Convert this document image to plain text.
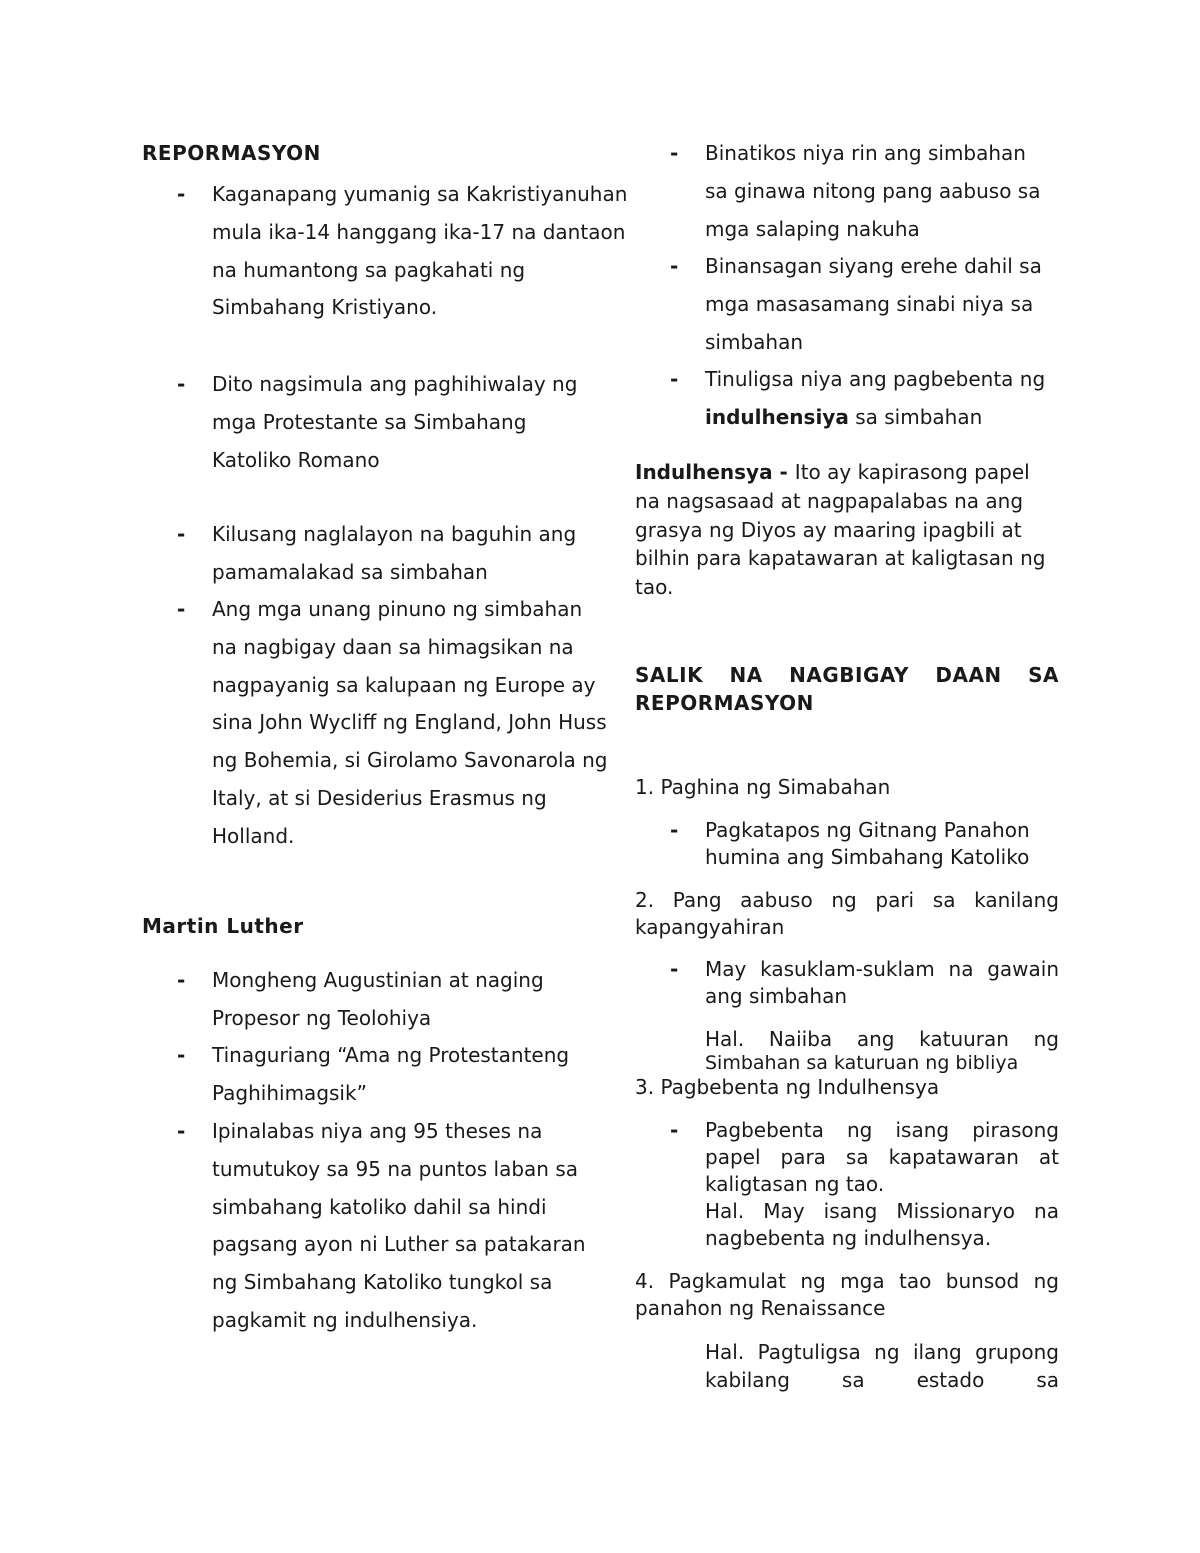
REPORMASYON
- Kaganapang yumanig sa Kakristiyanuhan mula ika-14 hanggang ika-17 na dantaon na humantong sa pagkahati ng Simbahang Kristiyano.
- Dito nagsimula ang paghihiwalay ng mga Protestante sa Simbahang Katoliko Romano
- Kilusang naglalayon na baguhin ang pamamalakad sa simbahan
- Ang mga unang pinuno ng simbahan na nagbigay daan sa himagsikan na nagpayanig sa kalupaan ng Europe ay sina John Wycliff ng England, John Huss ng Bohemia, si Girolamo Savonarola ng Italy, at si Desiderius Erasmus ng Holland.
Martin Luther
- Mongheng Augustinian at naging Propesor ng Teolohiya
- Tinaguriang “Ama ng Protestanteng Paghihimagsik”
- Ipinalabas niya ang 95 theses na tumutukoy sa 95 na puntos laban sa simbahang katoliko dahil sa hindi pagsang ayon ni Luther sa patakaran ng Simbahang Katoliko tungkol sa pagkamit ng indulhensiya.
- Binatikos niya rin ang simbahan sa ginawa nitong pang aabuso sa mga salaping nakuha
- Binansagan siyang erehe dahil sa mga masasamang sinabi niya sa simbahan
- Tinuligsa niya ang pagbebenta ng indulhensiya sa simbahan
Indulhensya - Ito ay kapirasong papel na nagsasaad at nagpapalabas na ang grasya ng Diyos ay maaring ipagbili at bilhin para kapatawaran at kaligtasan ng tao.
SALIK NA NAGBIGAY DAAN SA REPORMASYON
1. Paghina ng Simabahan
- Pagkatapos ng Gitnang Panahon humina ang Simbahang Katoliko
2. Pang aabuso ng pari sa kanilang kapangyahiran
- May kasuklam-suklam na gawain ang simbahan
Hal. Naiiba ang katuuran ng
Simbahan sa katuruan ng bibliya
3. Pagbebenta ng Indulhensya
- Pagbebenta ng isang pirasong papel para sa kapatawaran at kaligtasan ng tao.
Hal. May isang Missionaryo na nagbebenta ng indulhensya.
4. Pagkamulat ng mga tao bunsod ng panahon ng Renaissance
Hal. Pagtuligsa ng ilang grupong
kabilang sa estado sa
